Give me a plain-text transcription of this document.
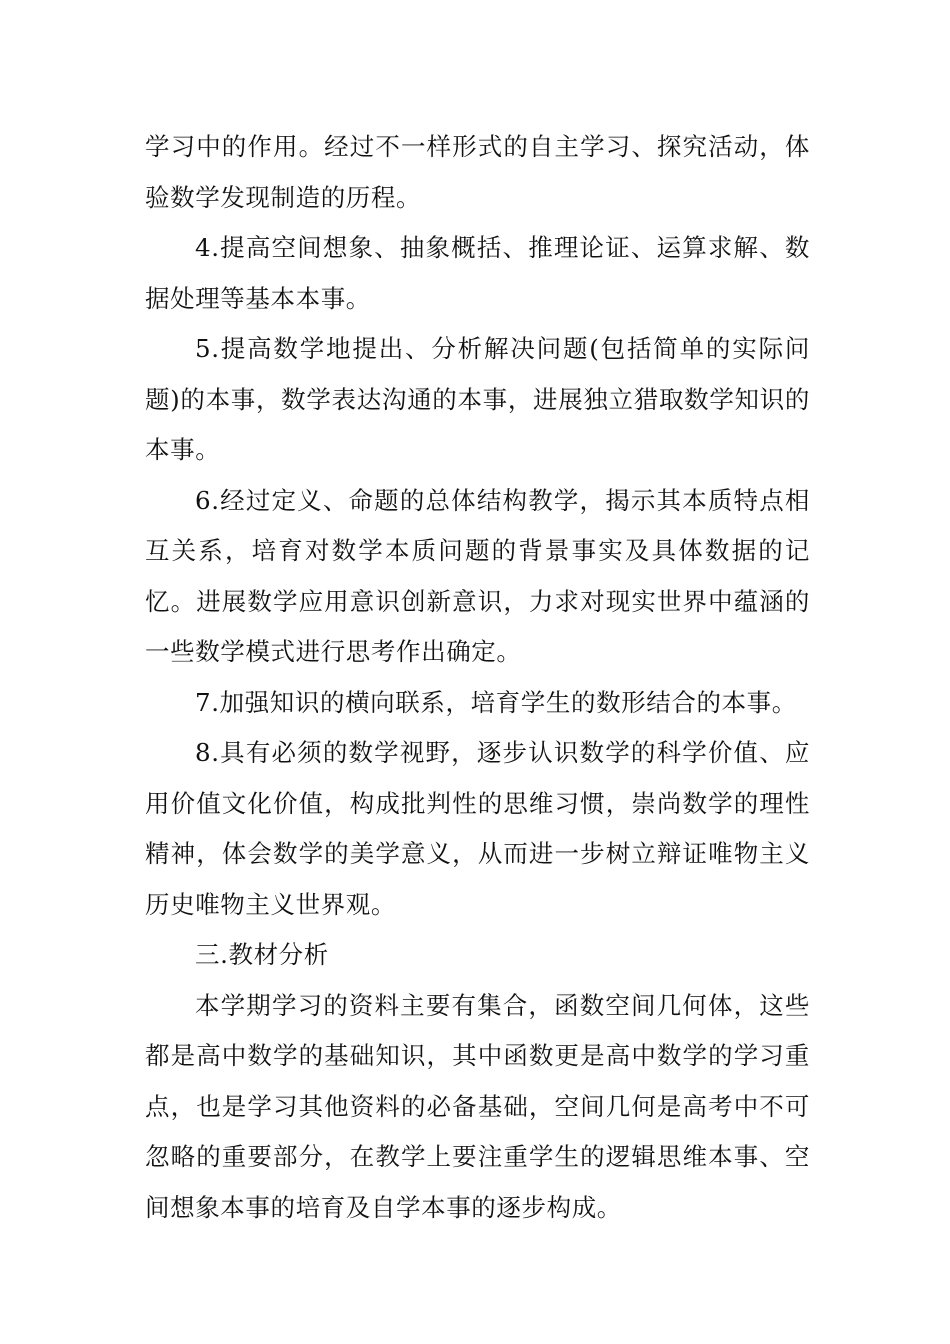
学习中的作用。经过不一样形式的自主学习、探究活动，体验数学发现制造的历程。

4.提高空间想象、抽象概括、推理论证、运算求解、数据处理等基本本事。

5.提高数学地提出、分析解决问题(包括简单的实际问题)的本事，数学表达沟通的本事，进展独立猎取数学知识的本事。

6.经过定义、命题的总体结构教学，揭示其本质特点相互关系，培育对数学本质问题的背景事实及具体数据的记忆。进展数学应用意识创新意识，力求对现实世界中蕴涵的一些数学模式进行思考作出确定。

7.加强知识的横向联系，培育学生的数形结合的本事。

8.具有必须的数学视野，逐步认识数学的科学价值、应用价值文化价值，构成批判性的思维习惯，崇尚数学的理性精神，体会数学的美学意义，从而进一步树立辩证唯物主义历史唯物主义世界观。

三.教材分析

本学期学习的资料主要有集合，函数空间几何体，这些都是高中数学的基础知识，其中函数更是高中数学的学习重点，也是学习其他资料的必备基础，空间几何是高考中不可忽略的重要部分，在教学上要注重学生的逻辑思维本事、空间想象本事的培育及自学本事的逐步构成。
